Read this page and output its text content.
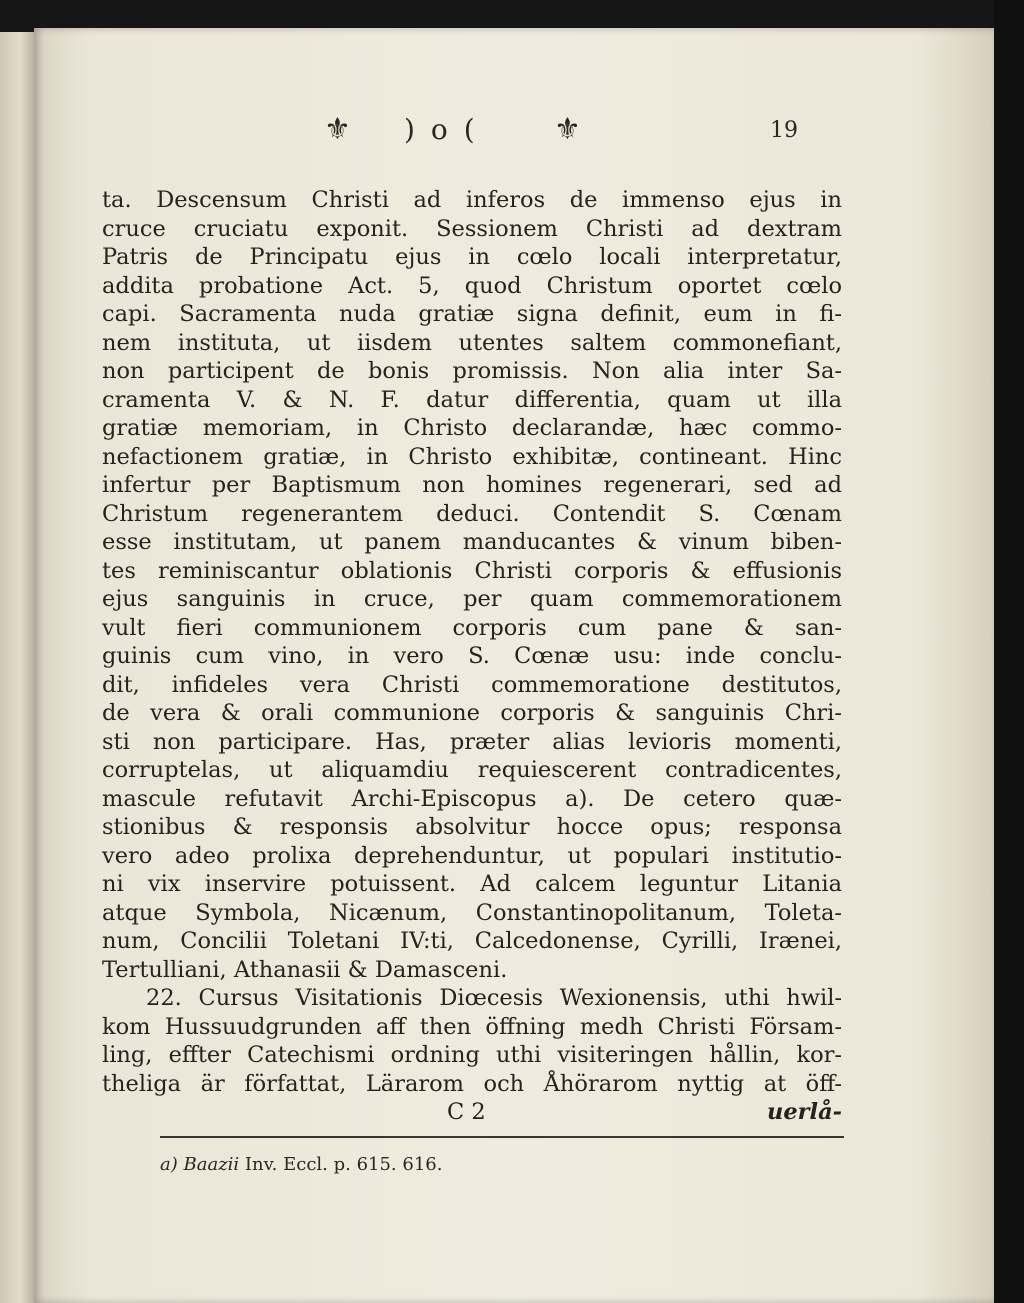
⚜ )o( ⚜	19
ta. Descensum Christi ad inferos de immenso ejus in
cruce cruciatu exponit. Sessionem Christi ad dextram
Patris de Principatu ejus in cœlo locali interpretatur,
addita probatione Act. 5, quod Christum oportet cœlo
capi. Sacramenta nuda gratiæ signa definit, eum in fi-
nem instituta, ut iisdem utentes saltem commonefiant,
non participent de bonis promissis. Non alia inter Sa-
cramenta V. & N. F. datur differentia, quam ut illa
gratiæ memoriam, in Christo declarandæ, hæc commo-
nefactionem gratiæ, in Christo exhibitæ, contineant. Hinc
infertur per Baptismum non homines regenerari, sed ad
Christum regenerantem deduci. Contendit S. Cœnam
esse institutam, ut panem manducantes & vinum biben-
tes reminiscantur oblationis Christi corporis & effusionis
ejus sanguinis in cruce, per quam commemorationem
vult fieri communionem corporis cum pane & san-
guinis cum vino, in vero S. Cœnæ usu: inde conclu-
dit, infideles vera Christi commemoratione destitutos,
de vera & orali communione corporis & sanguinis Chri-
sti non participare. Has, præter alias levioris momenti,
corruptelas, ut aliquamdiu requiescerent contradicentes,
mascule refutavit Archi-Episcopus a). De cetero quæ-
stionibus & responsis absolvitur hocce opus; responsa
vero adeo prolixa deprehenduntur, ut populari institutio-
ni vix inservire potuissent. Ad calcem leguntur Litania
atque Symbola, Nicænum, Constantinopolitanum, Toleta-
num, Concilii Toletani IV:ti, Calcedonense, Cyrilli, Irænei,
Tertulliani, Athanasii & Damasceni.
22. Cursus Visitationis Diœcesis Wexionensis, uthi hwil-
kom Hussuudgrunden aff then öffning medh Christi Försam-
ling, effter Catechismi ordning uthi visiteringen hållin, kor-
theliga är författat, Lärarom och Åhörarom nyttig at öff-
C 2	uerlå-
a) Baazii Inv. Eccl. p. 615. 616.
